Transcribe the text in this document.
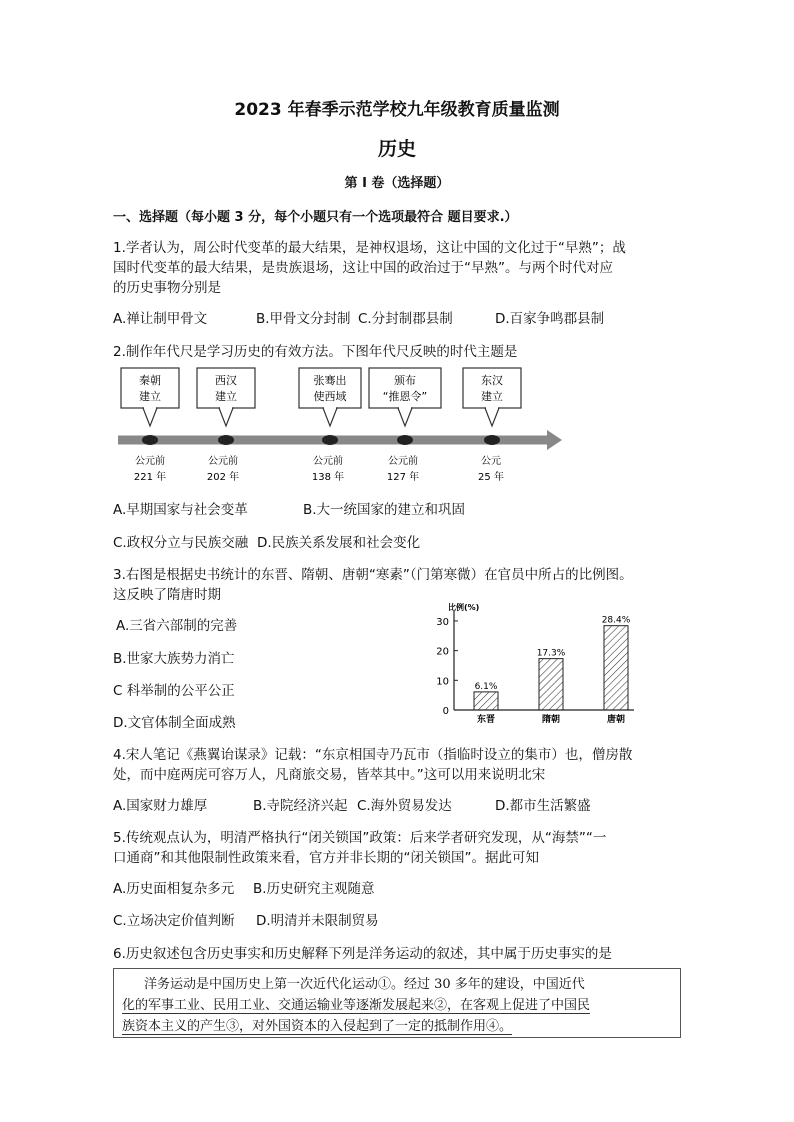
2023 年春季示范学校九年级教育质量监测
历史
第 I 卷（选择题）
一、选择题（每小题 3 分，每个小题只有一个选项最符合 题目要求.）
1.学者认为，周公时代变革的最大结果，是神权退场，这让中国的文化过于“早熟”；战
国时代变革的最大结果，是贵族退场，这让中国的政治过于“早熟”。与两个时代对应
的历史事物分别是
A.禅让制甲骨文	B.甲骨文分封制 C.分封制郡县制	D.百家争鸣郡县制
2.制作年代尺是学习历史的有效方法。下图年代尺反映的时代主题是
秦朝
建立
公元前
221 年
西汉
建立
公元前
202 年
张骞出
使西域
公元前
138 年
颁布
“推恩令”
公元前
127 年
东汉
建立
公元
25 年
A.早期国家与社会变革	B.大一统国家的建立和巩固
C.政权分立与民族交融 D.民族关系发展和社会变化
3.右图是根据史书统计的东晋、隋朝、唐朝“寒素”（门第寒微）在官员中所占的比例图。
这反映了隋唐时期
A.三省六部制的完善
B.世家大族势力消亡
C 科举制的公平公正
D.文官体制全面成熟
比例(%)
0
10
20
30
6.1%
东晋
17.3%
隋朝
28.4%
唐朝
4.宋人笔记《燕翼诒谋录》记载：“东京相国寺乃瓦市（指临时设立的集市）也，僧房散
处，而中庭两庑可容万人，凡商旅交易，皆萃其中。”这可以用来说明北宋
A.国家财力雄厚	B.寺院经济兴起 C.海外贸易发达	D.都市生活繁盛
5.传统观点认为，明清严格执行“闭关锁国”政策：后来学者研究发现，从“海禁”“一
口通商”和其他限制性政策来看，官方并非长期的“闭关锁国”。据此可知
A.历史面相复杂多元 B.历史研究主观随意
C.立场决定价值判断 D.明清并未限制贸易
6.历史叙述包含历史事实和历史解释下列是洋务运动的叙述，其中属于历史事实的是
洋务运动是中国历史上第一次近代化运动①。经过 30 多年的建设，中国近代
化的军事工业、民用工业、交通运输业等逐渐发展起来②，在客观上促进了中国民
族资本主义的产生③，对外国资本的入侵起到了一定的抵制作用④。
